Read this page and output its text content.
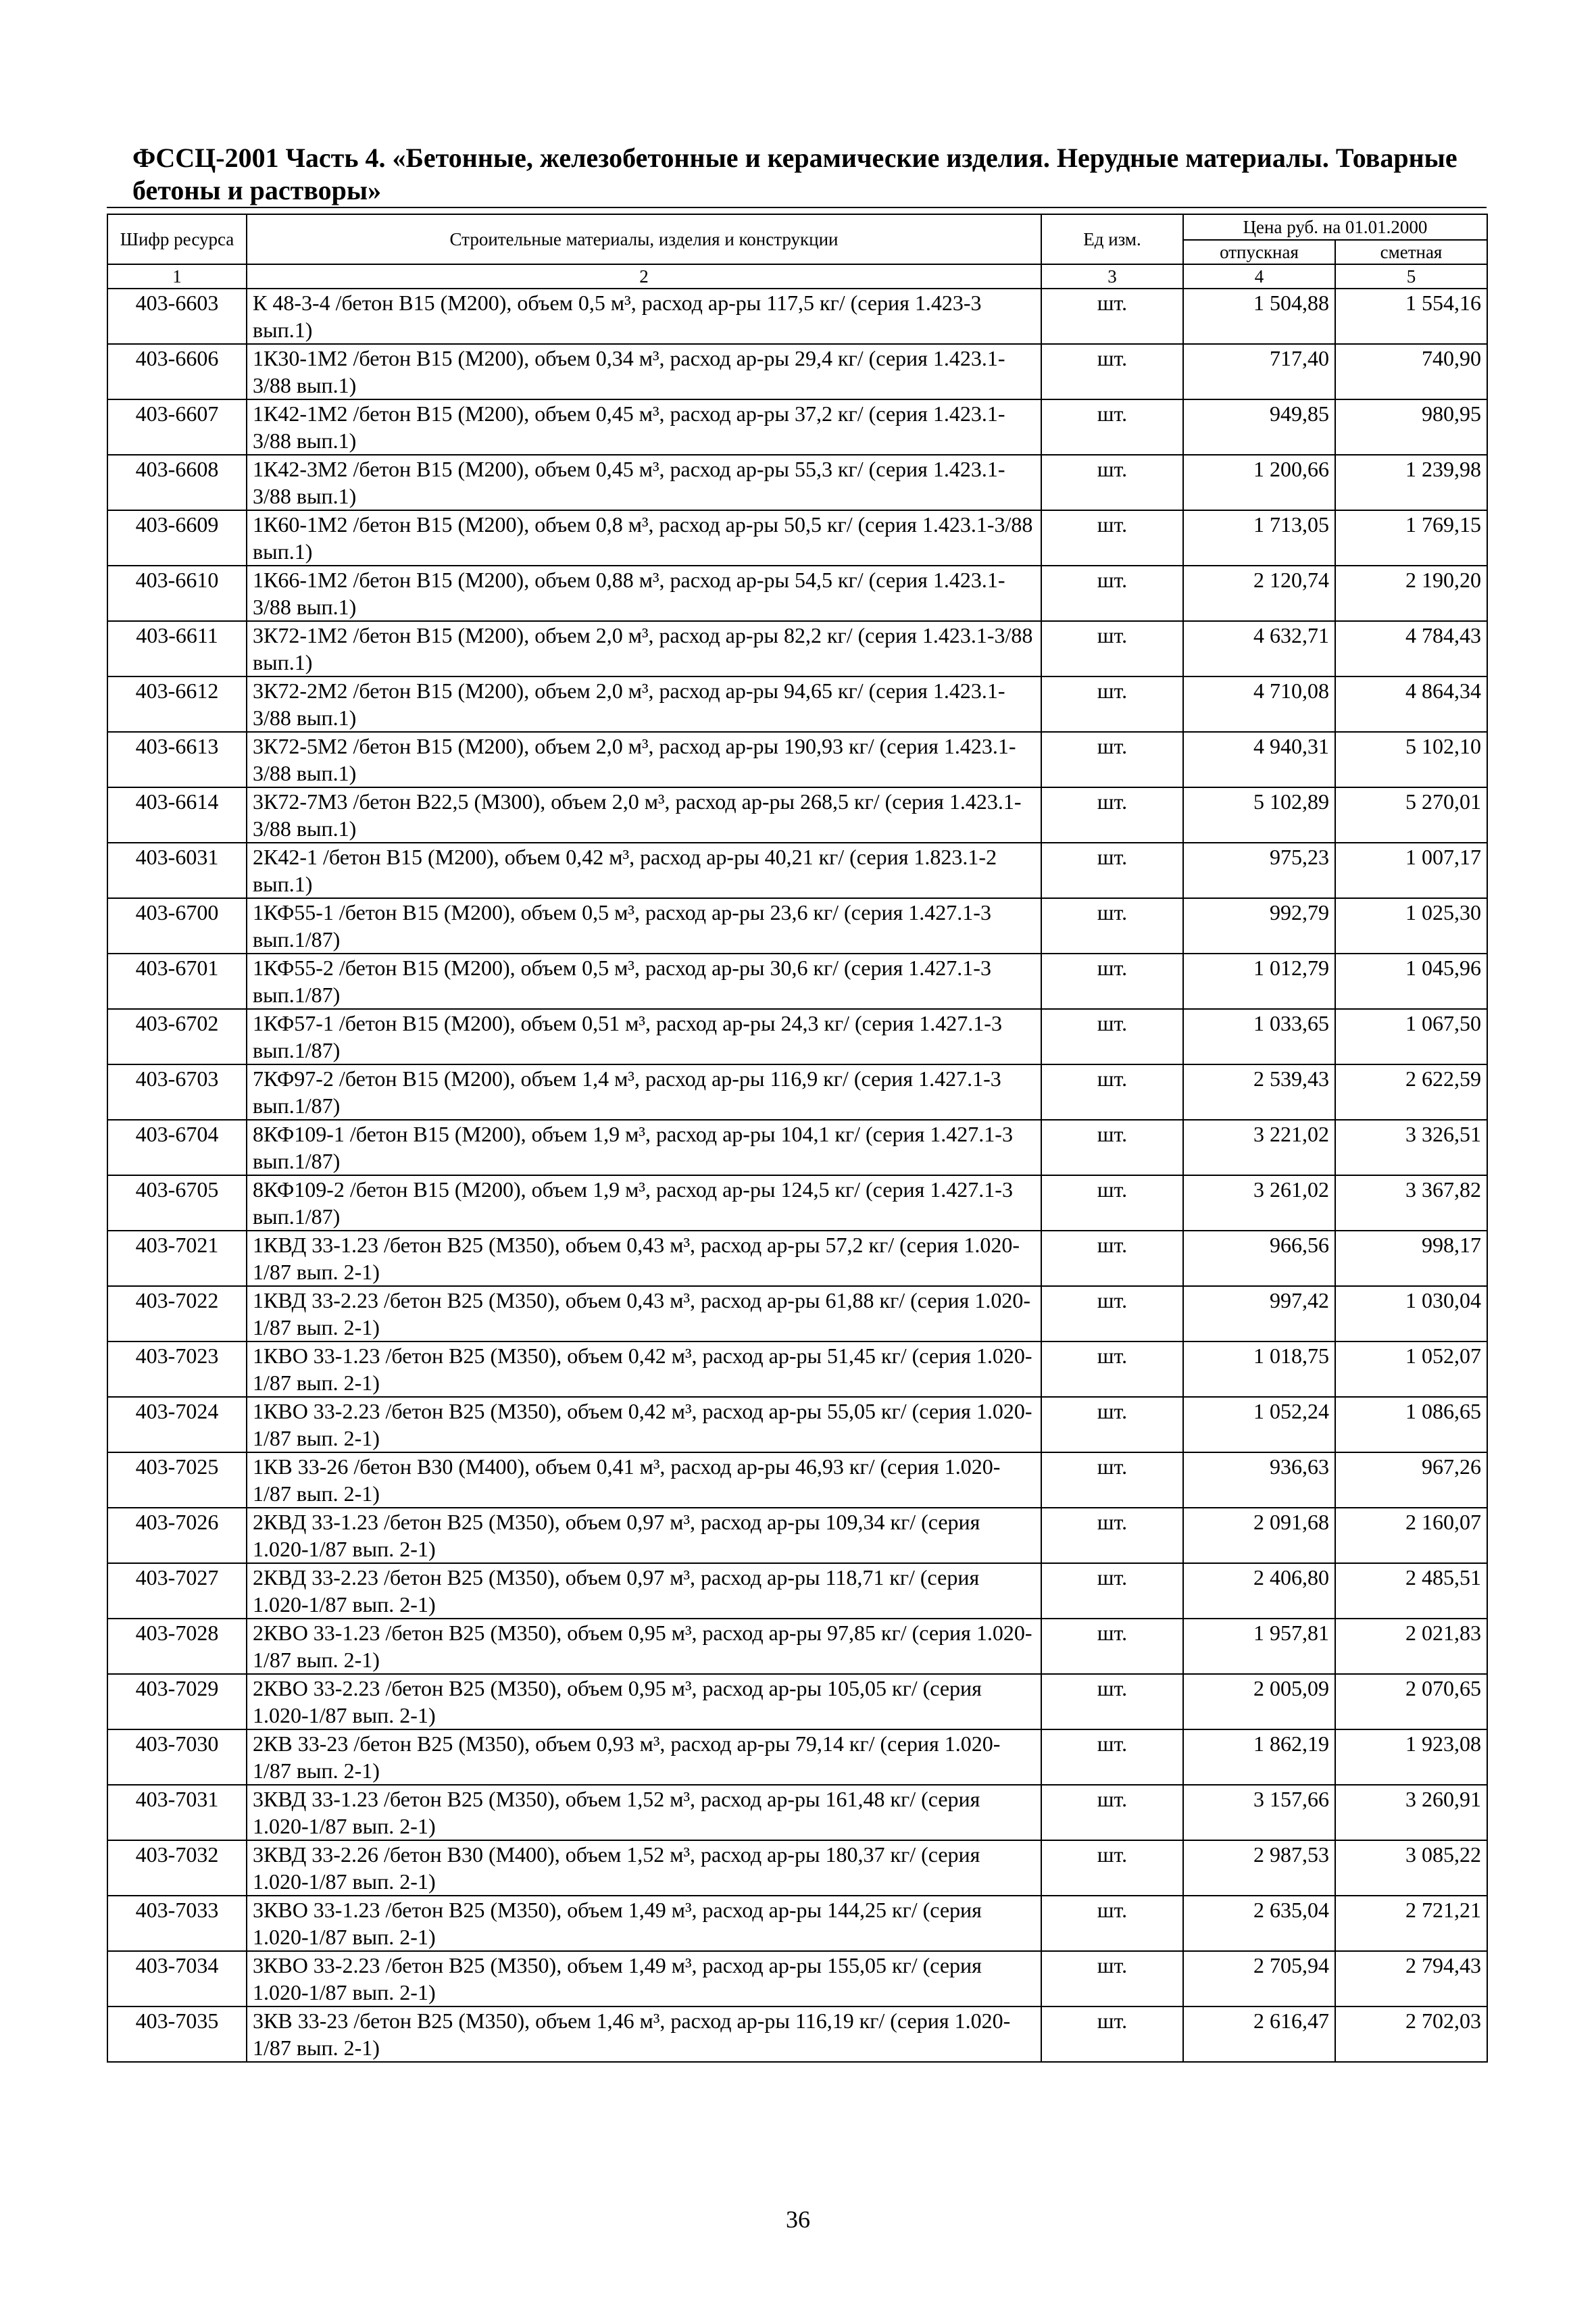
ФССЦ-2001 Часть 4. «Бетонные, железобетонные и керамические изделия. Нерудные материалы. Товарные бетоны и растворы»
Шифр ресурса	Строительные материалы, изделия и конструкции	Ед изм.	Цена руб. на 01.01.2000	
			отпускная	сметная
1	2	3	4	5
403-6603	К 48-3-4 /бетон B15 (M200), объем 0,5 м³, расход ар-ры 117,5 кг/ (серия 1.423-3 вып.1)	шт.	1 504,88	1 554,16
403-6606	1К30-1М2 /бетон B15 (M200), объем 0,34 м³, расход ар-ры 29,4 кг/ (серия 1.423.1-3/88 вып.1)	шт.	717,40	740,90
403-6607	1К42-1М2 /бетон B15 (M200), объем 0,45 м³, расход ар-ры 37,2 кг/ (серия 1.423.1-3/88 вып.1)	шт.	949,85	980,95
403-6608	1К42-3М2 /бетон B15 (M200), объем 0,45 м³, расход ар-ры 55,3 кг/ (серия 1.423.1-3/88 вып.1)	шт.	1 200,66	1 239,98
403-6609	1К60-1М2 /бетон B15 (M200), объем 0,8 м³, расход ар-ры 50,5 кг/ (серия 1.423.1-3/88 вып.1)	шт.	1 713,05	1 769,15
403-6610	1К66-1М2 /бетон B15 (M200), объем 0,88 м³, расход ар-ры 54,5 кг/ (серия 1.423.1-3/88 вып.1)	шт.	2 120,74	2 190,20
403-6611	3К72-1М2 /бетон B15 (M200), объем 2,0 м³, расход ар-ры 82,2 кг/ (серия 1.423.1-3/88 вып.1)	шт.	4 632,71	4 784,43
403-6612	3К72-2М2 /бетон B15 (M200), объем 2,0 м³, расход ар-ры 94,65 кг/ (серия 1.423.1-3/88 вып.1)	шт.	4 710,08	4 864,34
403-6613	3К72-5М2 /бетон B15 (M200), объем 2,0 м³, расход ар-ры 190,93 кг/ (серия 1.423.1-3/88 вып.1)	шт.	4 940,31	5 102,10
403-6614	3К72-7М3 /бетон B22,5 (M300), объем 2,0 м³, расход ар-ры 268,5 кг/ (серия 1.423.1-3/88 вып.1)	шт.	5 102,89	5 270,01
403-6031	2К42-1 /бетон B15 (M200), объем 0,42 м³, расход ар-ры 40,21 кг/ (серия 1.823.1-2 вып.1)	шт.	975,23	1 007,17
403-6700	1КФ55-1 /бетон B15 (M200), объем 0,5 м³, расход ар-ры 23,6 кг/ (серия 1.427.1-3 вып.1/87)	шт.	992,79	1 025,30
403-6701	1КФ55-2 /бетон B15 (M200), объем 0,5 м³, расход ар-ры 30,6 кг/ (серия 1.427.1-3 вып.1/87)	шт.	1 012,79	1 045,96
403-6702	1КФ57-1 /бетон B15 (M200), объем 0,51 м³, расход ар-ры 24,3 кг/ (серия 1.427.1-3 вып.1/87)	шт.	1 033,65	1 067,50
403-6703	7КФ97-2 /бетон B15 (M200), объем 1,4 м³, расход ар-ры 116,9 кг/ (серия 1.427.1-3 вып.1/87)	шт.	2 539,43	2 622,59
403-6704	8КФ109-1 /бетон B15 (M200), объем 1,9 м³, расход ар-ры 104,1 кг/ (серия 1.427.1-3 вып.1/87)	шт.	3 221,02	3 326,51
403-6705	8КФ109-2 /бетон B15 (M200), объем 1,9 м³, расход ар-ры 124,5 кг/ (серия 1.427.1-3 вып.1/87)	шт.	3 261,02	3 367,82
403-7021	1КВД 33-1.23 /бетон B25 (M350), объем 0,43 м³, расход ар-ры 57,2 кг/ (серия 1.020-1/87 вып. 2-1)	шт.	966,56	998,17
403-7022	1КВД 33-2.23 /бетон B25 (M350), объем 0,43 м³, расход ар-ры 61,88 кг/ (серия 1.020-1/87 вып. 2-1)	шт.	997,42	1 030,04
403-7023	1КВО 33-1.23 /бетон B25 (M350), объем 0,42 м³, расход ар-ры 51,45 кг/ (серия 1.020-1/87 вып. 2-1)	шт.	1 018,75	1 052,07
403-7024	1КВО 33-2.23 /бетон B25 (M350), объем 0,42 м³, расход ар-ры 55,05 кг/ (серия 1.020-1/87 вып. 2-1)	шт.	1 052,24	1 086,65
403-7025	1КВ 33-26 /бетон B30 (M400), объем 0,41 м³, расход ар-ры 46,93 кг/ (серия 1.020-1/87 вып. 2-1)	шт.	936,63	967,26
403-7026	2КВД 33-1.23 /бетон B25 (M350), объем 0,97 м³, расход ар-ры 109,34 кг/ (серия 1.020-1/87 вып. 2-1)	шт.	2 091,68	2 160,07
403-7027	2КВД 33-2.23 /бетон B25 (M350), объем 0,97 м³, расход ар-ры 118,71 кг/ (серия 1.020-1/87 вып. 2-1)	шт.	2 406,80	2 485,51
403-7028	2КВО 33-1.23 /бетон B25 (M350), объем 0,95 м³, расход ар-ры 97,85 кг/ (серия 1.020-1/87 вып. 2-1)	шт.	1 957,81	2 021,83
403-7029	2КВО 33-2.23 /бетон B25 (M350), объем 0,95 м³, расход ар-ры 105,05 кг/ (серия 1.020-1/87 вып. 2-1)	шт.	2 005,09	2 070,65
403-7030	2КВ 33-23 /бетон B25 (M350), объем 0,93 м³, расход ар-ры 79,14 кг/ (серия 1.020-1/87 вып. 2-1)	шт.	1 862,19	1 923,08
403-7031	3КВД 33-1.23 /бетон B25 (M350), объем 1,52 м³, расход ар-ры 161,48 кг/ (серия 1.020-1/87 вып. 2-1)	шт.	3 157,66	3 260,91
403-7032	3КВД 33-2.26 /бетон B30 (M400), объем 1,52 м³, расход ар-ры 180,37 кг/ (серия 1.020-1/87 вып. 2-1)	шт.	2 987,53	3 085,22
403-7033	3КВО 33-1.23 /бетон B25 (M350), объем 1,49 м³, расход ар-ры 144,25 кг/ (серия 1.020-1/87 вып. 2-1)	шт.	2 635,04	2 721,21
403-7034	3КВО 33-2.23 /бетон B25 (M350), объем 1,49 м³, расход ар-ры 155,05 кг/ (серия 1.020-1/87 вып. 2-1)	шт.	2 705,94	2 794,43
403-7035	3КВ 33-23 /бетон B25 (M350), объем 1,46 м³, расход ар-ры 116,19 кг/ (серия 1.020-1/87 вып. 2-1)	шт.	2 616,47	2 702,03
36
